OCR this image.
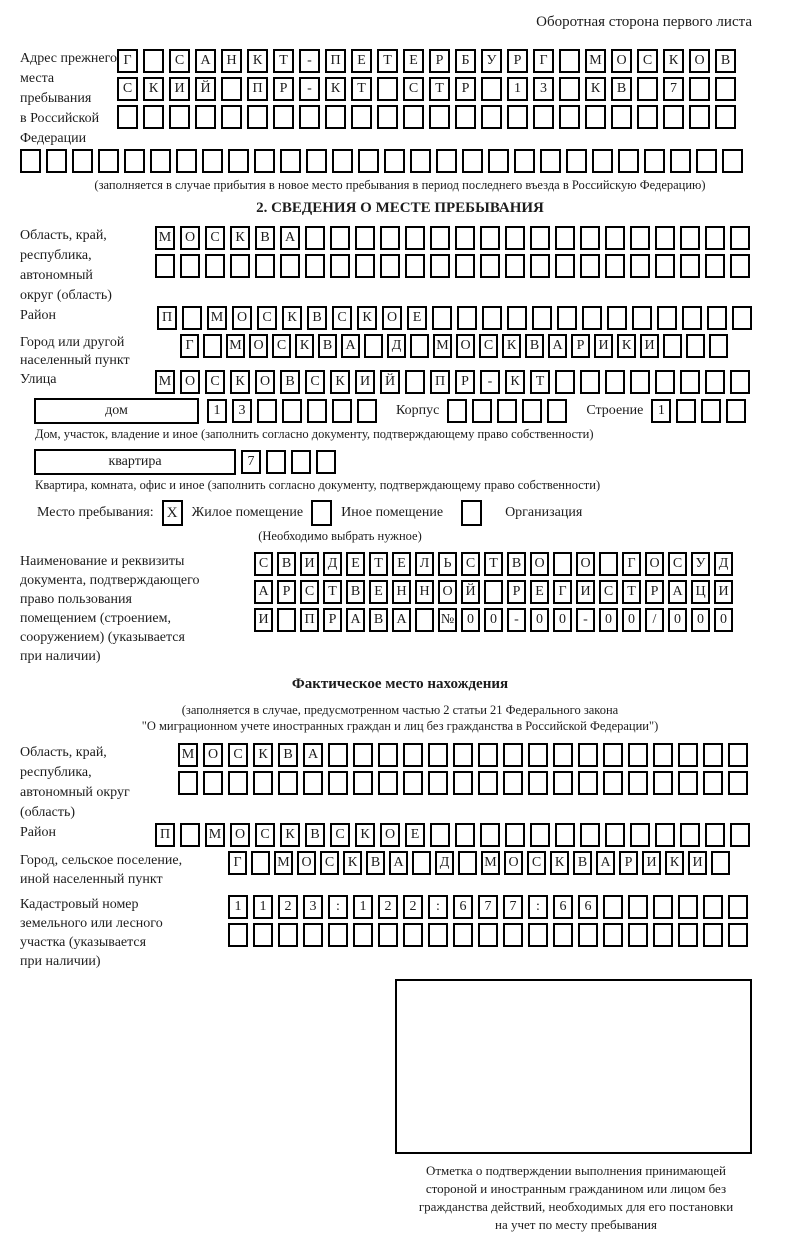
Оборотная сторона первого листа
Адрес прежнего
места пребывания
в Российской
Федерации
Г	С А Н К Т - П Е Т Е Р Б У Р Г	М О С К О В
С К И Й	П Р - К Т	С Т Р	1 3	К В	7
(заполняется в случае прибытия в новое место пребывания в период последнего въезда в Российскую Федерацию)
2. СВЕДЕНИЯ О МЕСТЕ ПРЕБЫВАНИЯ
Область, край,
республика,
автономный
округ (область)
М О С К В А
Район	П	М О С К В С К О Е
Город или другой
населенный пункт
Г	М О С К В А	Д М О С К В А Р И К И
Улица	М О С К О В С К И Й	П Р - К Т
дом	1 3	Корпус	Строение	1
Дом, участок, владение и иное (заполнить согласно документу, подтверждающему право собственности)
квартира	7
Квартира, комната, офис и иное (заполнить согласно документу, подтверждающему право собственности)
Место пребывания: X	Жилое помещение	Иное помещение	Организация
(Необходимо выбрать нужное)
Наименование и реквизиты
документа, подтверждающего
право пользования
помещением (строением,
сооружением) (указывается
при наличии)
С В И Д Е Т Е Л Ь С Т В О	О	Г О С У Д
А Р С Т В Е Н Н О Й	Р Е Г И С Т Р А Ц И
И	П Р А В А № 0 0 - 0 0 - 0 0 / 0 0 0
Фактическое место нахождения
(заполняется в случае, предусмотренном частью 2 статьи 21 Федерального закона
"О миграционном учете иностранных граждан и лиц без гражданства в Российской Федерации")
Область, край,
республика,
автономный округ
(область)
М О С К В А
Район	П	М О С К В С К О Е
Город, сельское поселение,
иной населенный пункт
Г	М О С К В А	Д М О С К В А Р И К И
Кадастровый номер
земельного или лесного
участка (указывается
при наличии)
1 1 2 3 : 1 2 2 : 6 7 7 : 6 6
Отметка о подтверждении выполнения принимающей
стороной и иностранным гражданином или лицом без
гражданства действий, необходимых для его постановки
на учет по месту пребывания
